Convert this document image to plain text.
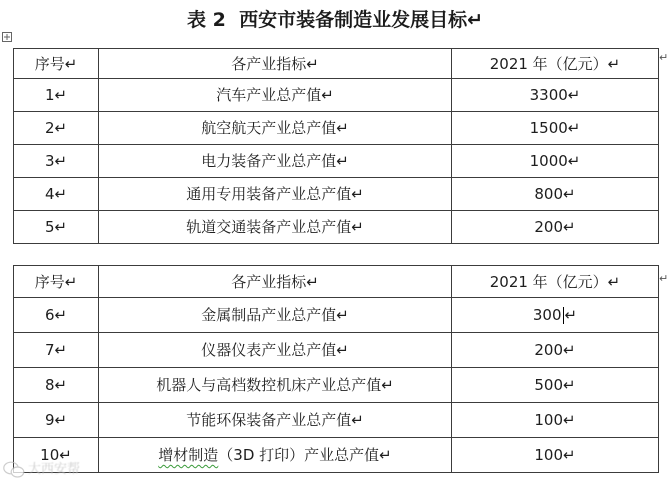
表 2  西安市装备制造业发展目标↵
序号↵	各产业指标↵	2021 年（亿元）↵
1↵	汽车产业总产值↵	3300↵
2↵	航空航天产业总产值↵	1500↵
3↵	电力装备产业总产值↵	1000↵
4↵	通用专用装备产业总产值↵	800↵
5↵	轨道交通装备产业总产值↵	200↵
↵
序号↵	各产业指标↵	2021 年（亿元）↵
6↵	金属制品产业总产值↵	300 ↵
7↵	仪器仪表产业总产值↵	200↵
8↵	机器人与高档数控机床产业总产值↵	500↵
9↵	节能环保装备产业总产值↵	100↵
10↵	增材制造（3D 打印）产业总产值↵	100↵
↵
大西安帮
